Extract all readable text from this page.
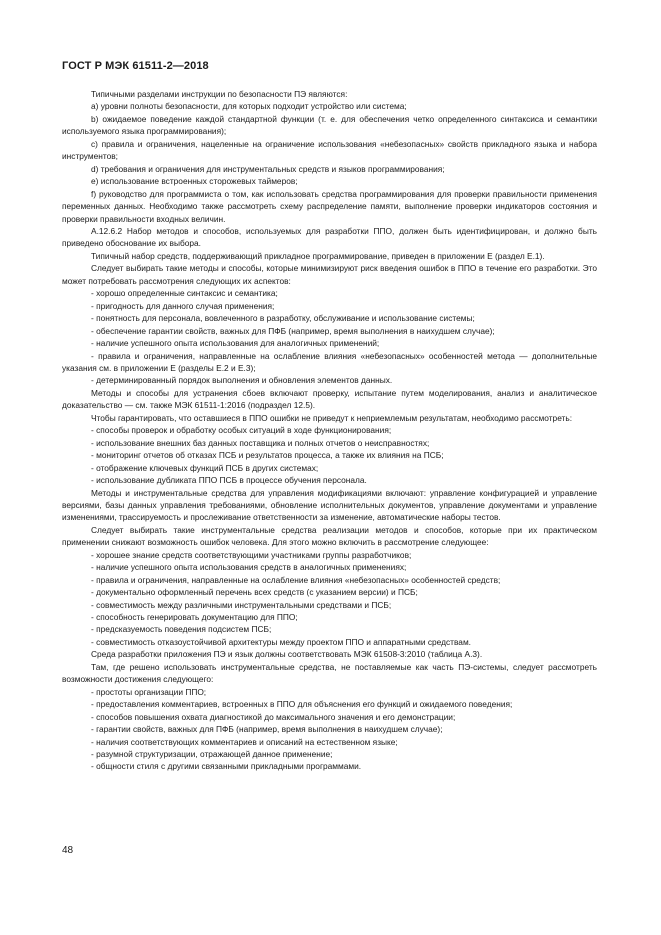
ГОСТ Р МЭК 61511-2—2018

Типичными разделами инструкции по безопасности ПЭ являются:

а) уровни полноты безопасности, для которых подходит устройство или система;

b) ожидаемое поведение каждой стандартной функции (т. е. для обеспечения четко определенного синтаксиса и семантики используемого языка программирования);

c) правила и ограничения, нацеленные на ограничение использования «небезопасных» свойств прикладного языка и набора инструментов;

d) требования и ограничения для инструментальных средств и языков программирования;

e) использование встроенных сторожевых таймеров;

f) руководство для программиста о том, как использовать средства программирования для проверки правильности применения переменных данных. Необходимо также рассмотреть схему распределение памяти, выполнение проверки индикаторов состояния и проверки правильности входных величин.

А.12.6.2 Набор методов и способов, используемых для разработки ППО, должен быть идентифицирован, и должно быть приведено обоснование их выбора.

Типичный набор средств, поддерживающий прикладное программирование, приведен в приложении Е (раздел Е.1).

Следует выбирать такие методы и способы, которые минимизируют риск введения ошибок в ППО в течение его разработки. Это может потребовать рассмотрения следующих их аспектов:

- хорошо определенные синтаксис и семантика;

- пригодность для данного случая применения;

- понятность для персонала, вовлеченного в разработку, обслуживание и использование системы;

- обеспечение гарантии свойств, важных для ПФБ (например, время выполнения в наихудшем случае);

- наличие успешного опыта использования для аналогичных применений;

- правила и ограничения, направленные на ослабление влияния «небезопасных» особенностей метода — дополнительные указания см. в приложении Е (разделы Е.2 и Е.3);

- детерминированный порядок выполнения и обновления элементов данных.

Методы и способы для устранения сбоев включают проверку, испытание путем моделирования, анализ и аналитическое доказательство — см. также МЭК 61511-1:2016 (подраздел 12.5).

Чтобы гарантировать, что оставшиеся в ППО ошибки не приведут к неприемлемым результатам, необходимо рассмотреть:

- способы проверок и обработку особых ситуаций в ходе функционирования;

- использование внешних баз данных поставщика и полных отчетов о неисправностях;

- мониторинг отчетов об отказах ПСБ и результатов процесса, а также их влияния на ПСБ;

- отображение ключевых функций ПСБ в других системах;

- использование дубликата ППО ПСБ в процессе обучения персонала.

Методы и инструментальные средства для управления модификациями включают: управление конфигурацией и управление версиями, базы данных управления требованиями, обновление исполнительных документов, управление документами и управление изменениями, трассируемость и прослеживание ответственности за изменение, автоматические наборы тестов.

Следует выбирать такие инструментальные средства реализации методов и способов, которые при их практическом применении снижают возможность ошибок человека. Для этого можно включить в рассмотрение следующее:

- хорошее знание средств соответствующими участниками группы разработчиков;

- наличие успешного опыта использования средств в аналогичных применениях;

- правила и ограничения, направленные на ослабление влияния «небезопасных» особенностей средств;

- документально оформленный перечень всех средств (с указанием версии) и ПСБ;

- совместимость между различными инструментальными средствами и ПСБ;

- способность генерировать документацию для ППО;

- предсказуемость поведения подсистем ПСБ;

- совместимость отказоустойчивой архитектуры между проектом ППО и аппаратными средствам.

Среда разработки приложения ПЭ и язык должны соответствовать МЭК 61508-3:2010 (таблица А.3).

Там, где решено использовать инструментальные средства, не поставляемые как часть ПЭ-системы, следует рассмотреть возможности достижения следующего:

- простоты организации ППО;

- предоставления комментариев, встроенных в ППО для объяснения его функций и ожидаемого поведения;

- способов повышения охвата диагностикой до максимального значения и его демонстрации;

- гарантии свойств, важных для ПФБ (например, время выполнения в наихудшем случае);

- наличия соответствующих комментариев и описаний на естественном языке;

- разумной структуризации, отражающей данное применение;

- общности стиля с другими связанными прикладными программами.

48
